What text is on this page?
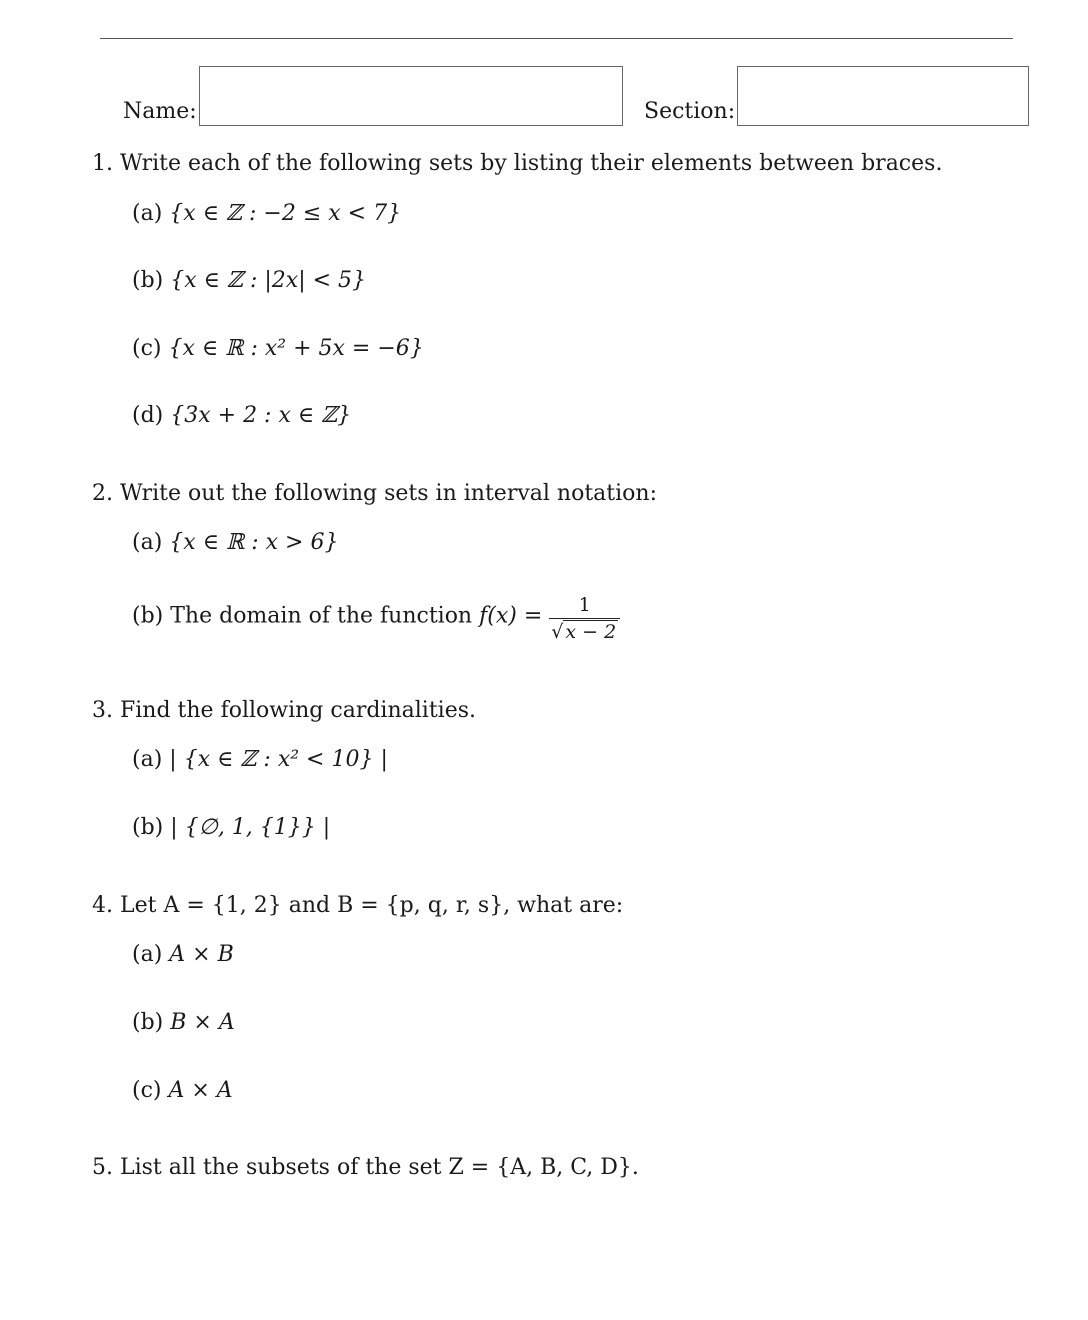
Name:	Section:
1. Write each of the following sets by listing their elements between braces.
(a) {x ∈ ℤ : −2 ≤ x < 7}
(b) {x ∈ ℤ : |2x| < 5}
(c) {x ∈ ℝ : x² + 5x = −6}
(d) {3x + 2 : x ∈ ℤ}
2. Write out the following sets in interval notation:
(a) {x ∈ ℝ : x > 6}
(b) The domain of the function $f(x) = \frac{1}{√ x - 2}$
3. Find the following cardinalities.
(a) | {x ∈ ℤ : x² < 10} |
(b) | {∅, 1, {1}} |
4. Let A = {1, 2} and B = {p, q, r, s}, what are:
(a) A × B
(b) B × A
(c) A × A
5. List all the subsets of the set Z = {A, B, C, D}.
